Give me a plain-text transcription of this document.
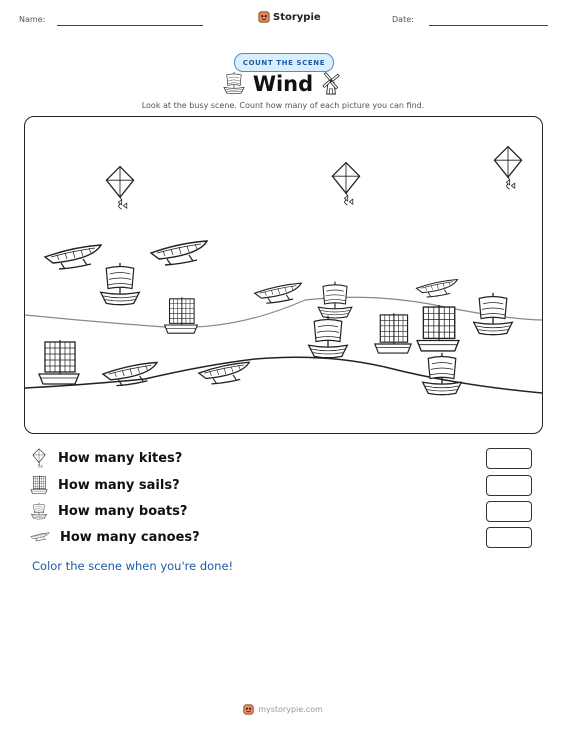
Name:	Storypie	Date:
COUNT THE SCENE
Wind
Look at the busy scene. Count how many of each picture you can find.
How many kites?
How many sails?
How many boats?
How many canoes?
Color the scene when you're done!
mystorypie.com
